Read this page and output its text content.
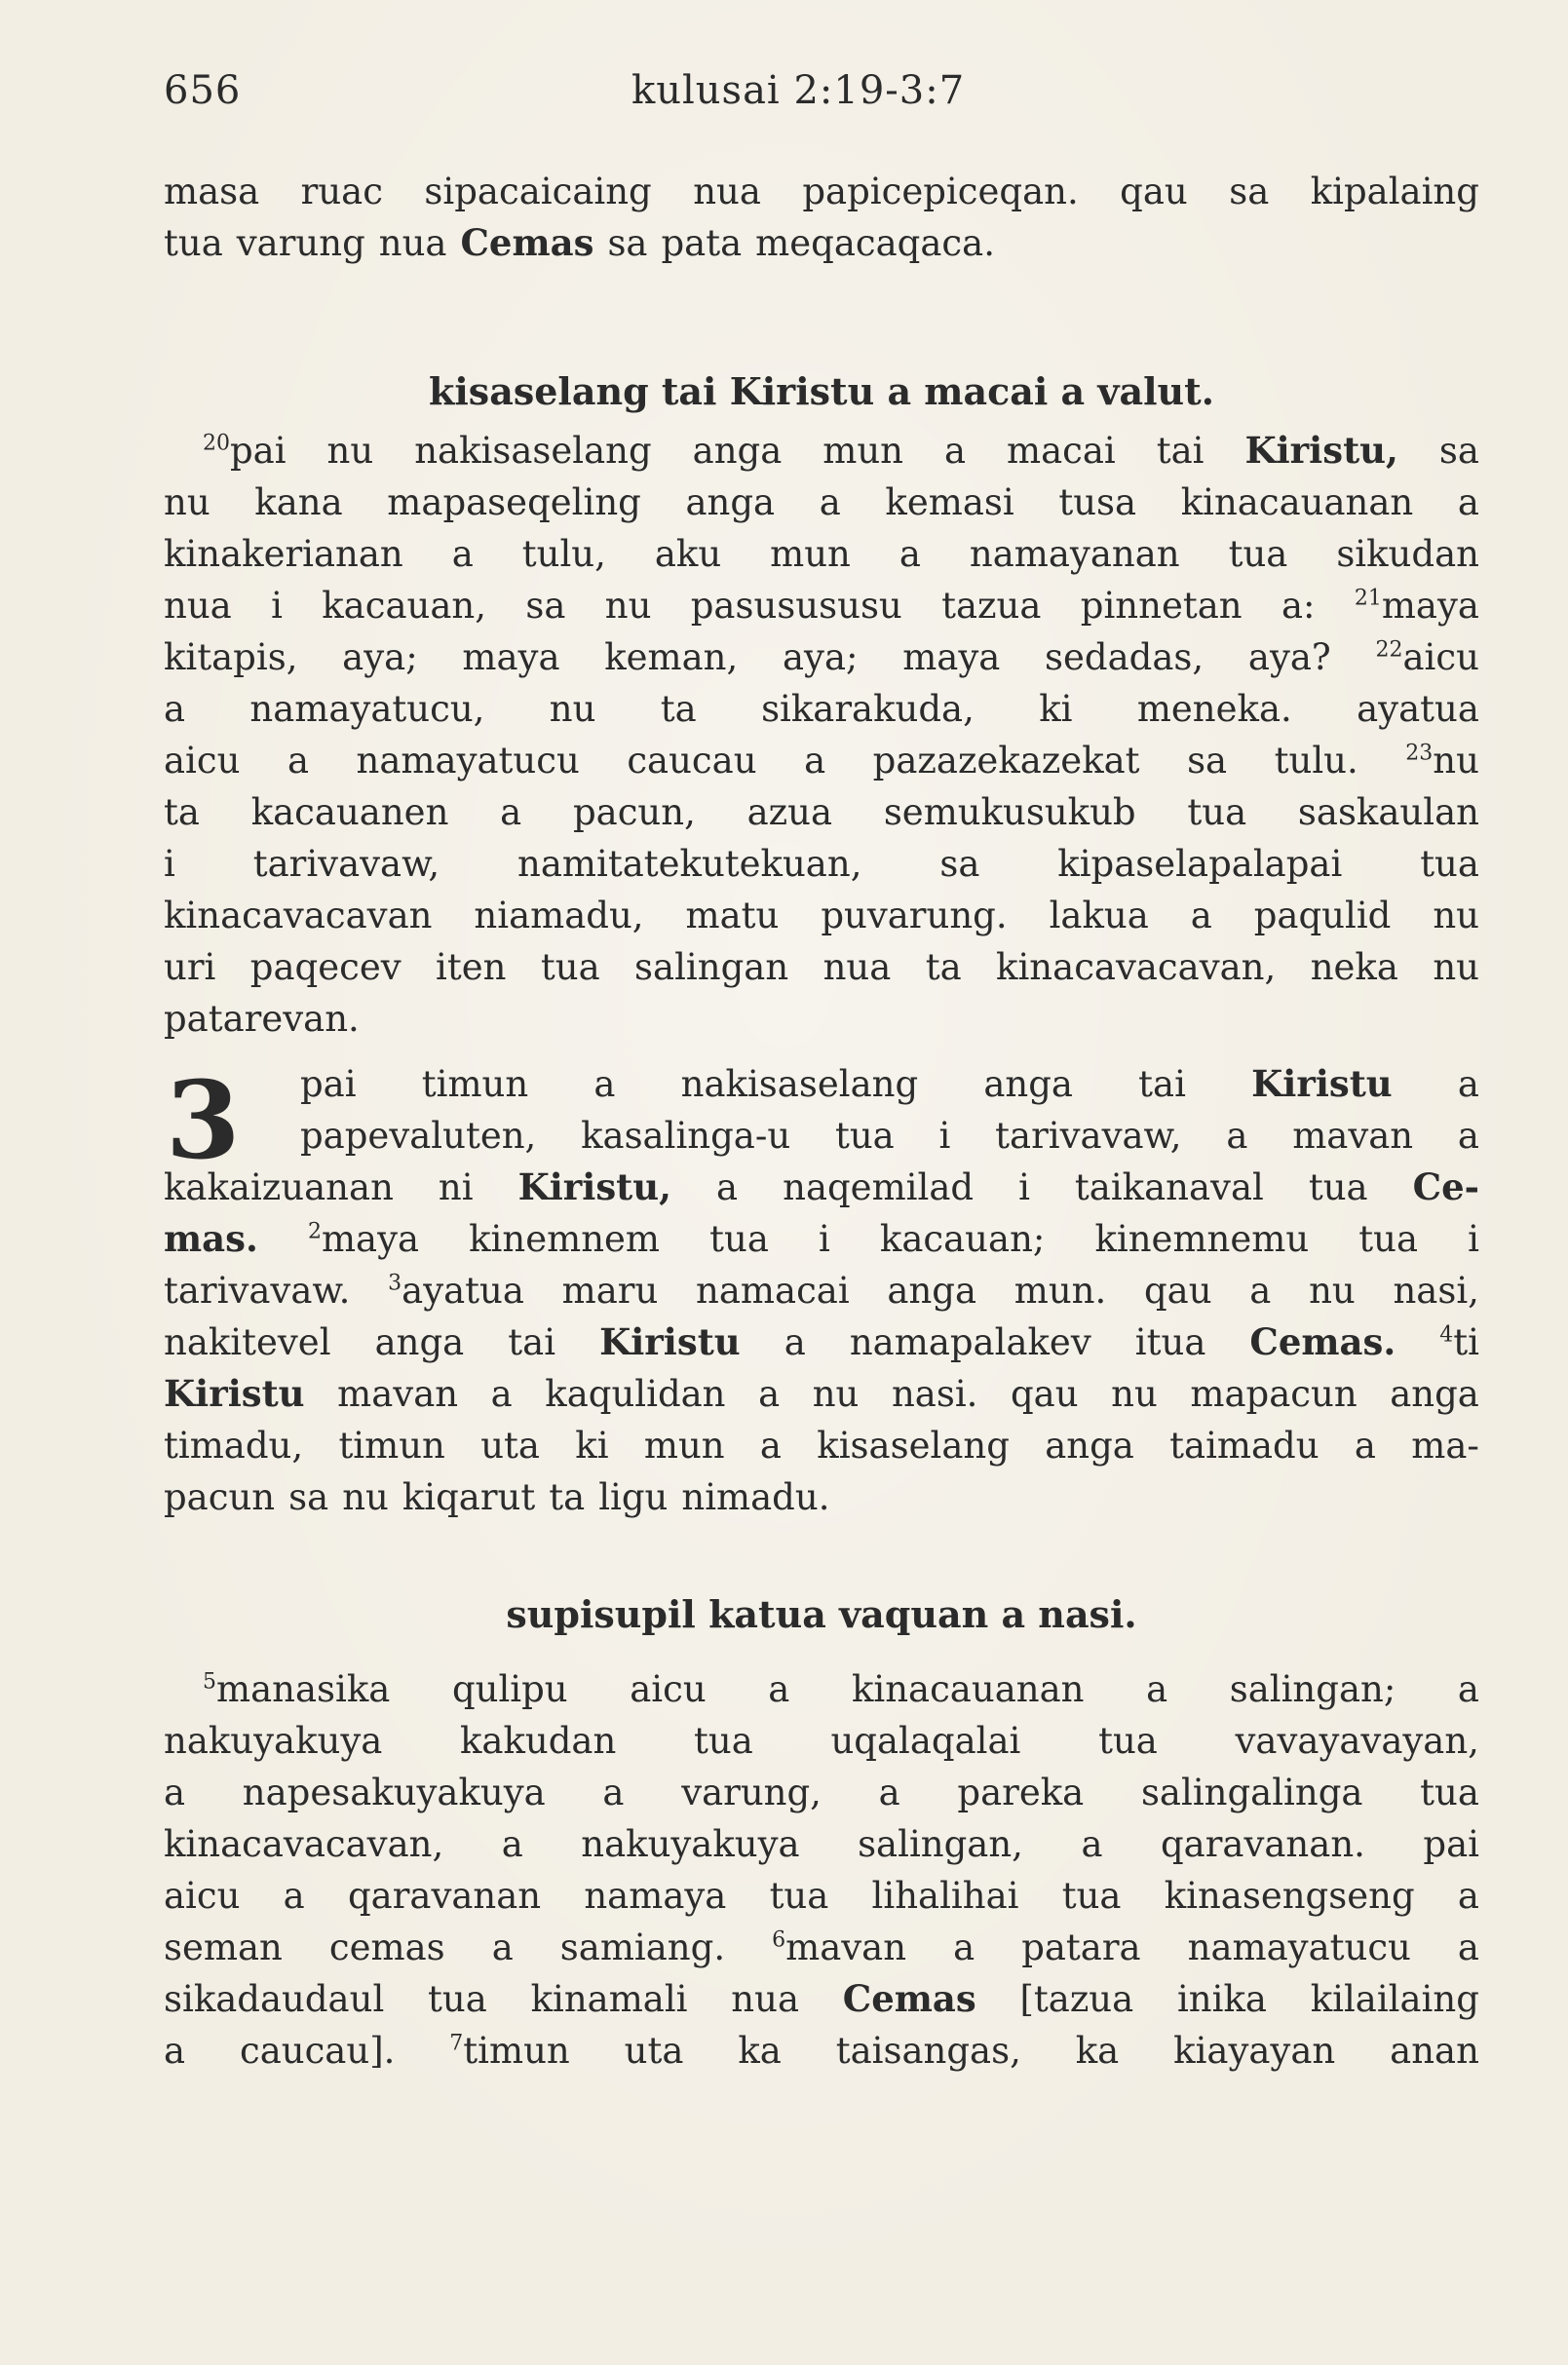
656	kulusai 2:19-3:7
masa ruac sipacaicaing nua papicepiceqan. qau sa kipalaing
tua varung nua Cemas sa pata meqacaqaca.
kisaselang tai Kiristu a macai a valut.
$^{20}$pai nu nakisaselang anga mun a macai tai Kiristu, sa
nu kana mapaseqeling anga a kemasi tusa kinacauanan a
kinakerianan a tulu, aku mun a namayanan tua sikudan
nua i kacauan, sa nu pasusususu tazua pinnetan a: $^{21}$maya
kitapis, aya; maya keman, aya; maya sedadas, aya? $^{22}$aicu
a namayatucu, nu ta sikarakuda, ki meneka. ayatua
aicu a namayatucu caucau a pazazekazekat sa tulu. $^{23}$nu
ta kacauanen a pacun, azua semukusukub tua saskaulan
i tarivavaw, namitatekutekuan, sa kipaselapalapai tua
kinacavacavan niamadu, matu puvarung. lakua a paqulid nu
uri paqecev iten tua salingan nua ta kinacavacavan, neka nu
patarevan.
3 pai timun a nakisaselang anga tai Kiristu a
papevaluten, kasalinga-u tua i tarivavaw, a mavan a
kakaizuanan ni Kiristu, a naqemilad i taikanaval tua Ce-
mas. $^2$maya kinemnem tua i kacauan; kinemnemu tua i
tarivavaw. $^3$ayatua maru namacai anga mun. qau a nu nasi,
nakitevel anga tai Kiristu a namapalakev itua Cemas. $^4$ti
Kiristu mavan a kaqulidan a nu nasi. qau nu mapacun anga
timadu, timun uta ki mun a kisaselang anga taimadu a ma-
pacun sa nu kiqarut ta ligu nimadu.
supisupil katua vaquan a nasi.
$^5$manasika qulipu aicu a kinacauanan a salingan; a
nakuyakuya kakudan tua uqalaqalai tua vavayavayan,
a napesakuyakuya a varung, a pareka salingalinga tua
kinacavacavan, a nakuyakuya salingan, a qaravanan. pai
aicu a qaravanan namaya tua lihalihai tua kinasengseng a
seman cemas a samiang. $^6$mavan a patara namayatucu a
sikadaudaul tua kinamali nua Cemas [tazua inika kilailaing
a caucau].	$^7$timun uta ka taisangas, ka kiayayan anan
